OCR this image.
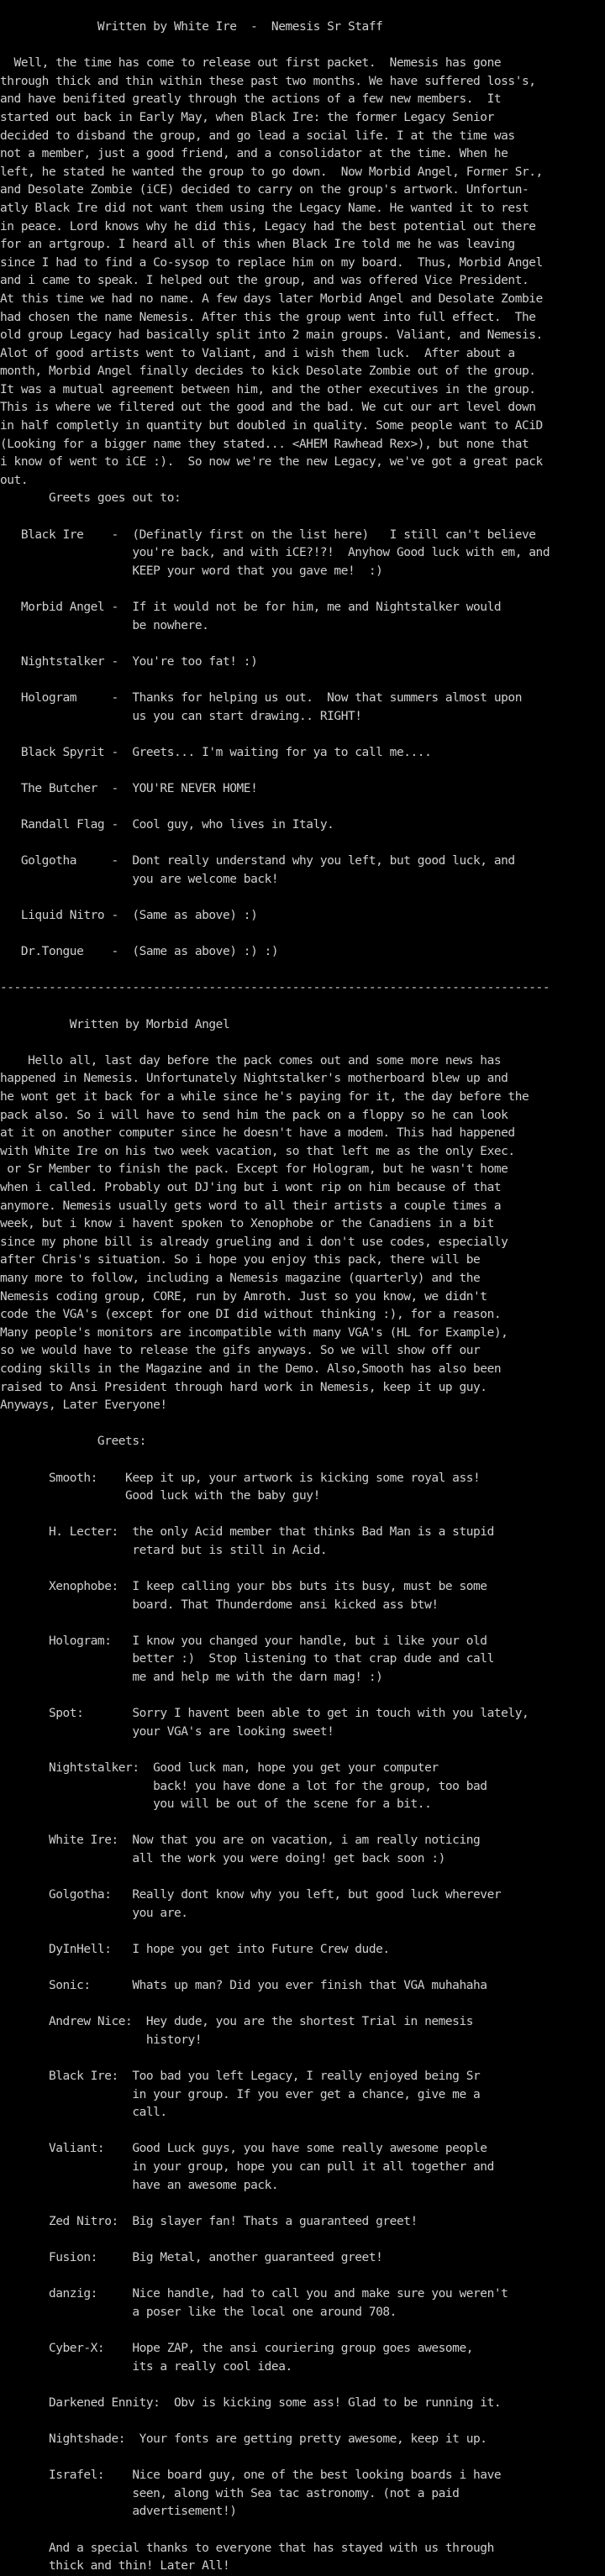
Written by White Ire  -  Nemesis Sr Staff
Well, the time has come to release out first packet.  Nemesis has gone
through thick and thin within these past two months. We have suffered loss's,
and have benifited greatly through the actions of a few new members.  It
started out back in Early May, when Black Ire: the former Legacy Senior
decided to disband the group, and go lead a social life. I at the time was
not a member, just a good friend, and a consolidator at the time. When he
left, he stated he wanted the group to go down.  Now Morbid Angel, Former Sr.,
and Desolate Zombie (iCE) decided to carry on the group's artwork. Unfortun-
atly Black Ire did not want them using the Legacy Name. He wanted it to rest
in peace. Lord knows why he did this, Legacy had the best potential out there
for an artgroup. I heard all of this when Black Ire told me he was leaving
since I had to find a Co-sysop to replace him on my board.  Thus, Morbid Angel
and i came to speak. I helped out the group, and was offered Vice President.
At this time we had no name. A few days later Morbid Angel and Desolate Zombie
had chosen the name Nemesis. After this the group went into full effect.  The
old group Legacy had basically split into 2 main groups. Valiant, and Nemesis.
Alot of good artists went to Valiant, and i wish them luck.  After about a
month, Morbid Angel finally decides to kick Desolate Zombie out of the group.
It was a mutual agreement between him, and the other executives in the group.
This is where we filtered out the good and the bad. We cut our art level down
in half completly in quantity but doubled in quality. Some people want to ACiD
(Looking for a bigger name they stated... <AHEM Rawhead Rex>), but none that
i know of went to iCE :).  So now we're the new Legacy, we've got a great pack
out.
Greets goes out to:
Black Ire    -  (Definatly first on the list here)   I still can't believe
you're back, and with iCE?!?!  Anyhow Good luck with em, and
KEEP your word that you gave me!  :)
Morbid Angel -  If it would not be for him, me and Nightstalker would
be nowhere.
Nightstalker -  You're too fat! :)
Hologram     -  Thanks for helping us out.  Now that summers almost upon
us you can start drawing.. RIGHT!
Black Spyrit -  Greets... I'm waiting for ya to call me....
The Butcher  -  YOU'RE NEVER HOME!
Randall Flag -  Cool guy, who lives in Italy.
Golgotha     -  Dont really understand why you left, but good luck, and
you are welcome back!
Liquid Nitro -  (Same as above) :)
Dr.Tongue    -  (Same as above) :) :)
-------------------------------------------------------------------------------
Written by Morbid Angel
Hello all, last day before the pack comes out and some more news has
happened in Nemesis. Unfortunately Nightstalker's motherboard blew up and
he wont get it back for a while since he's paying for it, the day before the
pack also. So i will have to send him the pack on a floppy so he can look
at it on another computer since he doesn't have a modem. This had happened
with White Ire on his two week vacation, so that left me as the only Exec.
or Sr Member to finish the pack. Except for Hologram, but he wasn't home
when i called. Probably out DJ'ing but i wont rip on him because of that
anymore. Nemesis usually gets word to all their artists a couple times a
week, but i know i havent spoken to Xenophobe or the Canadiens in a bit
since my phone bill is already grueling and i don't use codes, especially
after Chris's situation. So i hope you enjoy this pack, there will be
many more to follow, including a Nemesis magazine (quarterly) and the
Nemesis coding group, CORE, run by Amroth. Just so you know, we didn't
code the VGA's (except for one DI did without thinking :), for a reason.
Many people's monitors are incompatible with many VGA's (HL for Example),
so we would have to release the gifs anyways. So we will show off our
coding skills in the Magazine and in the Demo. Also,Smooth has also been
raised to Ansi President through hard work in Nemesis, keep it up guy.
Anyways, Later Everyone!
Greets:
Smooth:    Keep it up, your artwork is kicking some royal ass!
Good luck with the baby guy!
H. Lecter:  the only Acid member that thinks Bad Man is a stupid
retard but is still in Acid.
Xenophobe:  I keep calling your bbs buts its busy, must be some
board. That Thunderdome ansi kicked ass btw!
Hologram:   I know you changed your handle, but i like your old
better :)  Stop listening to that crap dude and call
me and help me with the darn mag! :)
Spot:       Sorry I havent been able to get in touch with you lately,
your VGA's are looking sweet!
Nightstalker:  Good luck man, hope you get your computer
back! you have done a lot for the group, too bad
you will be out of the scene for a bit..
White Ire:  Now that you are on vacation, i am really noticing
all the work you were doing! get back soon :)
Golgotha:   Really dont know why you left, but good luck wherever
you are.
DyInHell:   I hope you get into Future Crew dude.
Sonic:      Whats up man? Did you ever finish that VGA muhahaha
Andrew Nice:  Hey dude, you are the shortest Trial in nemesis
history!
Black Ire:  Too bad you left Legacy, I really enjoyed being Sr
in your group. If you ever get a chance, give me a
call.
Valiant:    Good Luck guys, you have some really awesome people
in your group, hope you can pull it all together and
have an awesome pack.
Zed Nitro:  Big slayer fan! Thats a guaranteed greet!
Fusion:     Big Metal, another guaranteed greet!
danzig:     Nice handle, had to call you and make sure you weren't
a poser like the local one around 708.
Cyber-X:    Hope ZAP, the ansi couriering group goes awesome,
its a really cool idea.
Darkened Ennity:  Obv is kicking some ass! Glad to be running it.
Nightshade:  Your fonts are getting pretty awesome, keep it up.
Israfel:    Nice board guy, one of the best looking boards i have
seen, along with Sea tac astronomy. (not a paid
advertisement!)
And a special thanks to everyone that has stayed with us through
thick and thin! Later All!
